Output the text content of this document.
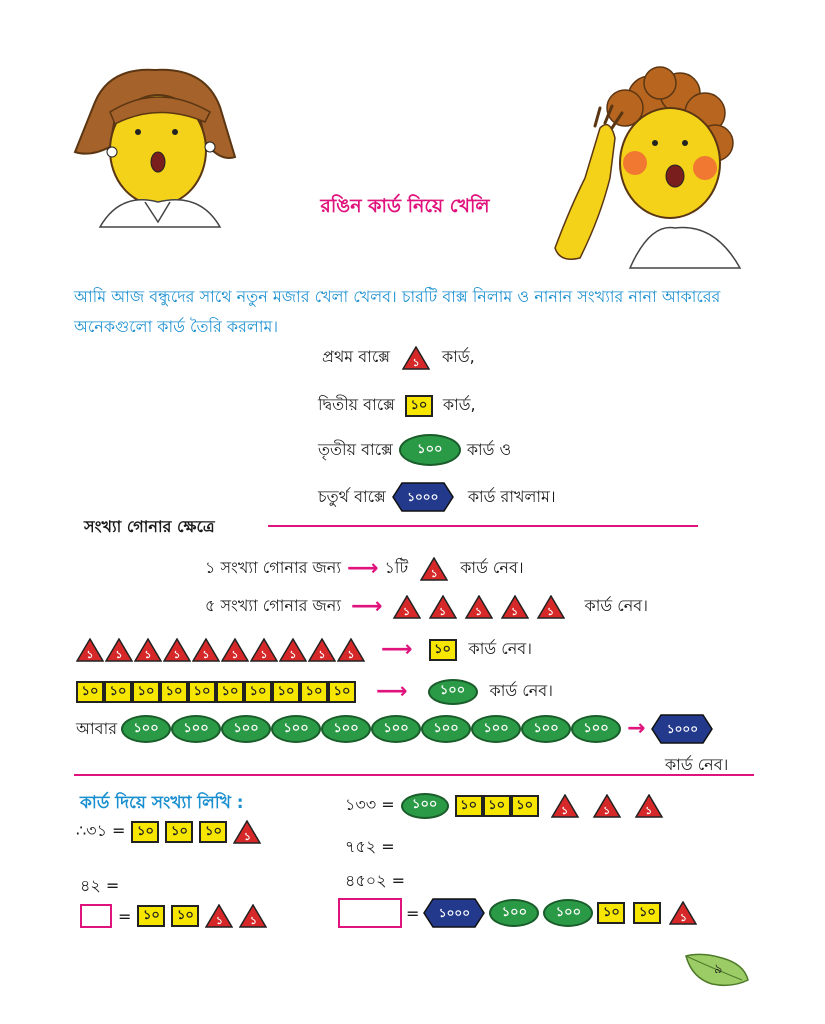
রঙিন কার্ড নিয়ে খেলি
আমি আজ বন্ধুদের সাথে নতুন মজার খেলা খেলব। চারটি বাক্স নিলাম ও নানান সংখ্যার নানা আকারের অনেকগুলো কার্ড তৈরি করলাম।
প্রথম বাক্সে	১	কার্ড,
দ্বিতীয় বাক্সে	১০ কার্ড,
তৃতীয় বাক্সে	১০০	কার্ড ও
চতুর্থ বাক্সে	১০০০	কার্ড রাখলাম।
সংখ্যা গোনার ক্ষেত্রে
১ সংখ্যা গোনার জন্য ⟶ ১টি	১	কার্ড নেব।
৫ সংখ্যা গোনার জন্য ⟶	১	১	১	১	১	কার্ড নেব।
১	১	১	১	১	১	১	১	১	১	⟶	১০	কার্ড নেব।
১০ ১০ ১০ ১০ ১০ ১০ ১০ ১০ ১০ ১০ ⟶	১০০	কার্ড নেব।
আবার	১০০	১০০	১০০	১০০	১০০	১০০	১০০	১০০	১০০	১০০ →	১০০০
কার্ড নেব।
কার্ড দিয়ে সংখ্যা লিখি :
∴৩১ = ১০	১০	১০	১
৪২ =
= ১০	১০	১	১
১৩৩ =	১০০	১০ ১০ ১০	১	১	১
৭৫২ =
৪৫০২ =
=	১০০০	১০০	১০০	১০	১০	১
৯
